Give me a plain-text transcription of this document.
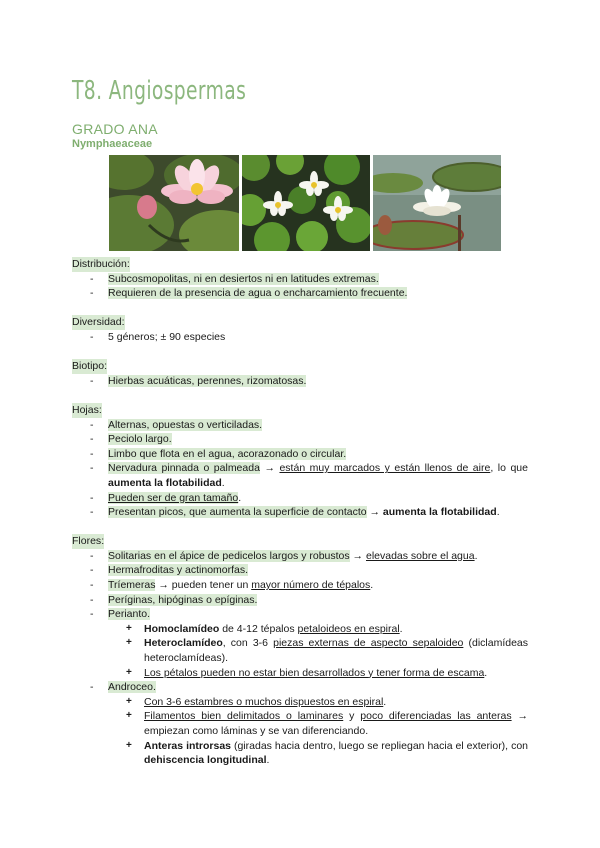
T8. Angiospermas
GRADO ANA
Nymphaeaceae
Distribución:
- Subcosmopolitas, ni en desiertos ni en latitudes extremas.
- Requieren de la presencia de agua o encharcamiento frecuente.
Diversidad:
- 5 géneros; ± 90 especies
Biotipo:
- Hierbas acuáticas, perennes, rizomatosas.
Hojas:
- Alternas, opuestas o verticiladas.
- Peciolo largo.
- Limbo que flota en el agua, acorazonado o circular.
- Nervadura pinnada o palmeada → están muy marcados y están llenos de aire, lo que aumenta la flotabilidad.
- Pueden ser de gran tamaño.
- Presentan picos, que aumenta la superficie de contacto → aumenta la flotabilidad.
Flores:
- Solitarias en el ápice de pedicelos largos y robustos → elevadas sobre el agua.
- Hermafroditas y actinomorfas.
- Tríemeras → pueden tener un mayor número de tépalos.
- Períginas, hipóginas o epíginas.
- Perianto.
+ Homoclamídeo de 4-12 tépalos petaloideos en espiral.
+ Heteroclamídeo, con 3-6 piezas externas de aspecto sepaloideo (diclamídeas heteroclamídeas).
+ Los pétalos pueden no estar bien desarrollados y tener forma de escama.
- Androceo.
+ Con 3-6 estambres o muchos dispuestos en espiral.
+ Filamentos bien delimitados o laminares y poco diferenciadas las anteras → empiezan como láminas y se van diferenciando.
+ Anteras introrsas (giradas hacia dentro, luego se repliegan hacia el exterior), con dehiscencia longitudinal.
